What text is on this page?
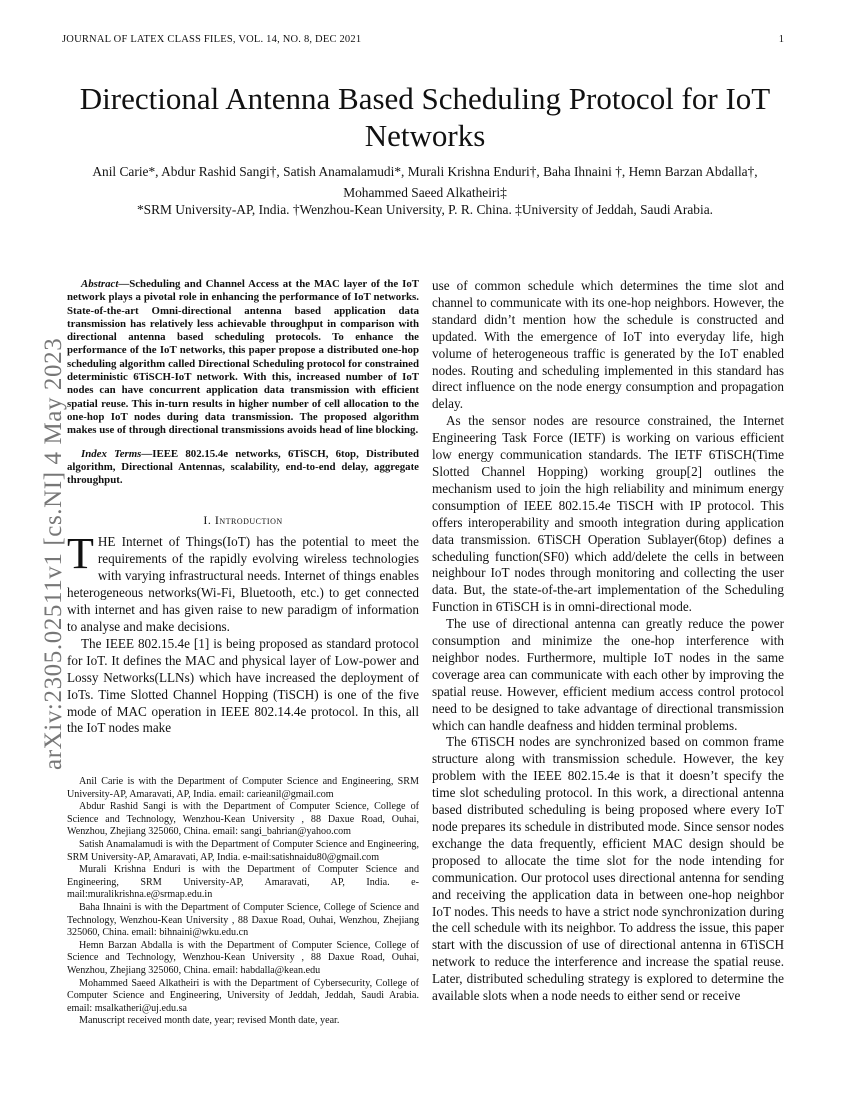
JOURNAL OF LATEX CLASS FILES, VOL. 14, NO. 8, DEC 2021	1
arXiv:2305.02511v1 [cs.NI] 4 May 2023
Directional Antenna Based Scheduling Protocol for IoT Networks
Anil Carie*, Abdur Rashid Sangi†, Satish Anamalamudi*, Murali Krishna Enduri†, Baha Ihnaini †, Hemn Barzan Abdalla†, Mohammed Saeed Alkatheiri‡
*SRM University-AP, India. †Wenzhou-Kean University, P. R. China. ‡University of Jeddah, Saudi Arabia.

Abstract—Scheduling and Channel Access at the MAC layer of the IoT network plays a pivotal role in enhancing the performance of IoT networks. State-of-the-art Omni-directional antenna based application data transmission has relatively less achievable throughput in comparison with directional antenna based scheduling protocols. To enhance the performance of the IoT networks, this paper propose a distributed one-hop scheduling algorithm called Directional Scheduling protocol for constrained deterministic 6TiSCH-IoT network. With this, increased number of IoT nodes can have concurrent application data transmission with efficient spatial reuse. This in-turn results in higher number of cell allocation to the one-hop IoT nodes during data transmission. The proposed algorithm makes use of through directional transmissions avoids head of line blocking.

Index Terms—IEEE 802.15.4e networks, 6TiSCH, 6top, Distributed algorithm, Directional Antennas, scalability, end-to-end delay, aggregate throughput.

I. Introduction

THE Internet of Things(IoT) has the potential to meet the requirements of the rapidly evolving wireless technologies with varying infrastructural needs. Internet of things enables heterogeneous networks(Wi-Fi, Bluetooth, etc.) to get connected with internet and has given raise to new paradigm of information to analyse and make decisions.

The IEEE 802.15.4e [1] is being proposed as standard protocol for IoT. It defines the MAC and physical layer of Low-power and Lossy Networks(LLNs) which have increased the deployment of IoTs. Time Slotted Channel Hopping (TiSCH) is one of the five mode of MAC operation in IEEE 802.14.4e protocol. In this, all the IoT nodes make

Anil Carie is with the Department of Computer Science and Engineering, SRM University-AP, Amaravati, AP, India. email: carieanil@gmail.com

Abdur Rashid Sangi is with the Department of Computer Science, College of Science and Technology, Wenzhou-Kean University , 88 Daxue Road, Ouhai, Wenzhou, Zhejiang 325060, China. email: sangi_bahrian@yahoo.com

Satish Anamalamudi is with the Department of Computer Science and Engineering, SRM University-AP, Amaravati, AP, India. e-mail:satishnaidu80@gmail.com

Murali Krishna Enduri is with the Department of Computer Science and Engineering, SRM University-AP, Amaravati, AP, India. e-mail:muralikrishna.e@srmap.edu.in

Baha Ihnaini is with the Department of Computer Science, College of Science and Technology, Wenzhou-Kean University , 88 Daxue Road, Ouhai, Wenzhou, Zhejiang 325060, China. email: bihnaini@wku.edu.cn

Hemn Barzan Abdalla is with the Department of Computer Science, College of Science and Technology, Wenzhou-Kean University , 88 Daxue Road, Ouhai, Wenzhou, Zhejiang 325060, China. email: habdalla@kean.edu

Mohammed Saeed Alkatheiri is with the Department of Cybersecurity, College of Computer Science and Engineering, University of Jeddah, Jeddah, Saudi Arabia. email: msalkatheri@uj.edu.sa

Manuscript received month date, year; revised Month date, year.

use of common schedule which determines the time slot and channel to communicate with its one-hop neighbors. However, the standard didn’t mention how the schedule is constructed and updated. With the emergence of IoT into everyday life, high volume of heterogeneous traffic is generated by the IoT enabled nodes. Routing and scheduling implemented in this standard has direct influence on the node energy consumption and propagation delay.

As the sensor nodes are resource constrained, the Internet Engineering Task Force (IETF) is working on various efficient low energy communication standards. The IETF 6TiSCH(Time Slotted Channel Hopping) working group[2] outlines the mechanism used to join the high reliability and minimum energy consumption of IEEE 802.15.4e TiSCH with IP protocol. This offers interoperability and smooth integration during application data transmission. 6TiSCH Operation Sublayer(6top) defines a scheduling function(SF0) which add/delete the cells in between neighbour IoT nodes through monitoring and collecting the user data. But, the state-of-the-art implementation of the Scheduling Function in 6TiSCH is in omni-directional mode.

The use of directional antenna can greatly reduce the power consumption and minimize the one-hop interference with neighbor nodes. Furthermore, multiple IoT nodes in the same coverage area can communicate with each other by improving the spatial reuse. However, efficient medium access control protocol need to be designed to take advantage of directional transmission which can handle deafness and hidden terminal problems.

The 6TiSCH nodes are synchronized based on common frame structure along with transmission schedule. However, the key problem with the IEEE 802.15.4e is that it doesn’t specify the time slot scheduling protocol. In this work, a directional antenna based distributed scheduling is being proposed where every IoT node prepares its schedule in distributed mode. Since sensor nodes exchange the data frequently, efficient MAC design should be proposed to allocate the time slot for the node intending for communication. Our protocol uses directional antenna for sending and receiving the application data in between one-hop neighbor IoT nodes. This needs to have a strict node synchronization during the cell schedule with its neighbor. To address the issue, this paper start with the discussion of use of directional antenna in 6TiSCH network to reduce the interference and increase the spatial reuse. Later, distributed scheduling strategy is explored to determine the available slots when a node needs to either send or receive
